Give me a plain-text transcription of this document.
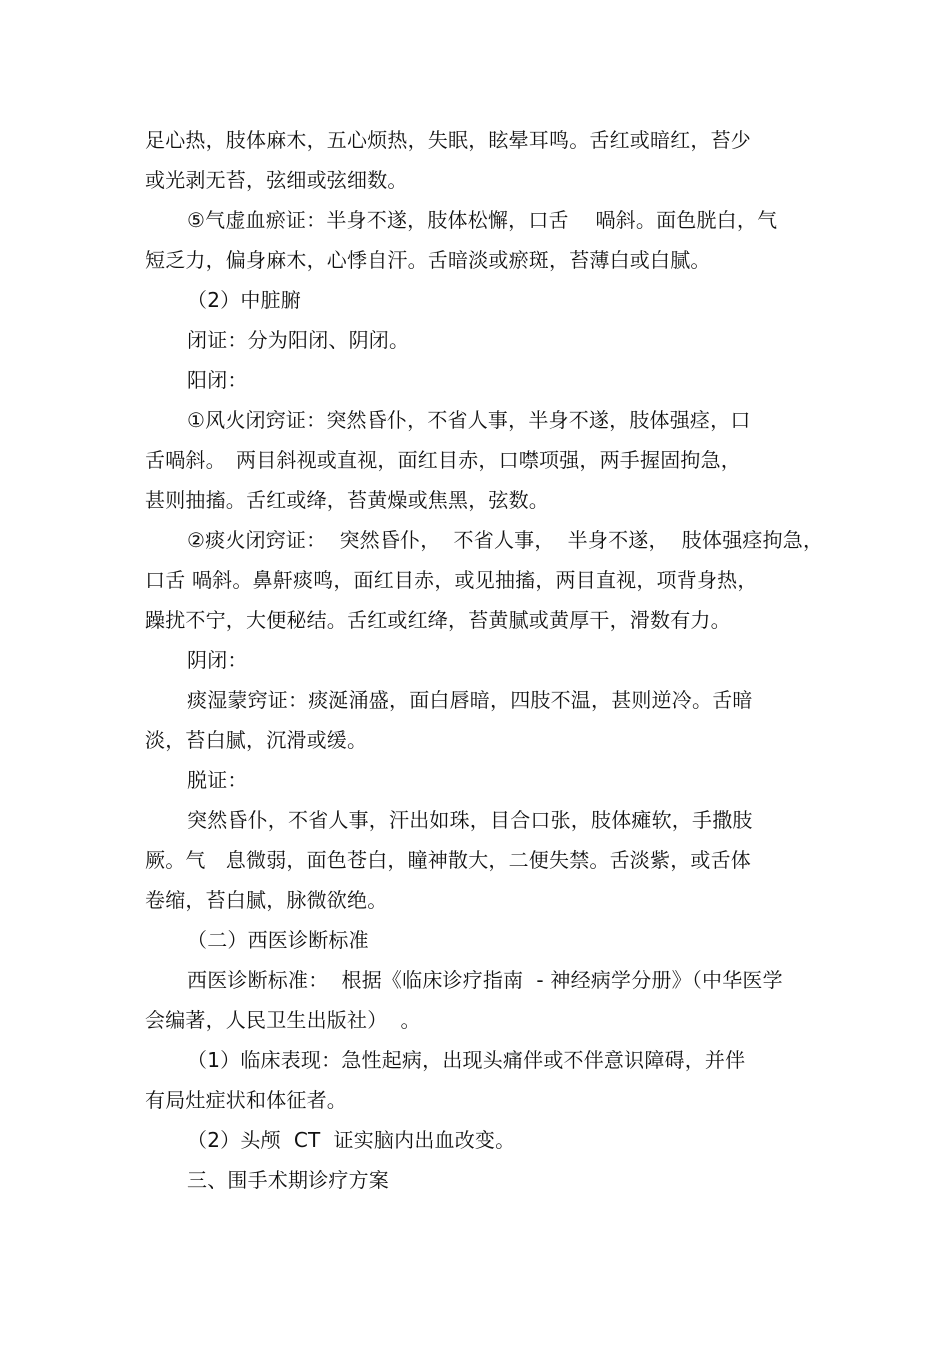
足心热，肢体麻木，五心烦热，失眠，眩晕耳鸣。舌红或暗红，苔少
或光剥无苔，弦细或弦细数。
⑤气虚血瘀证：半身不遂，肢体松懈，口舌　 喎斜。面色胱白，气
短乏力，偏身麻木，心悸自汗。舌暗淡或瘀斑，苔薄白或白腻。
（2）中脏腑
闭证：分为阳闭、阴闭。
阳闭：
①风火闭窍证：突然昏仆，不省人事，半身不遂，肢体强痉，口
舌喎斜。　两目斜视或直视，面红目赤，口噤项强，两手握固拘急，
甚则抽搐。舌红或绛，苔黄燥或焦黑，弦数。
②痰火闭窍证：  突然昏仆，  不省人事，  半身不遂，  肢体强痉拘急，
口舌 喎斜。鼻鼾痰鸣，面红目赤，或见抽搐，两目直视，项背身热，
躁扰不宁，大便秘结。舌红或红绛，苔黄腻或黄厚干，滑数有力。
阴闭：
痰湿蒙窍证：痰涎涌盛，面白唇暗，四肢不温，甚则逆冷。舌暗
淡，苔白腻，沉滑或缓。
脱证：
突然昏仆，不省人事，汗出如珠，目合口张，肢体瘫软，手撒肢
厥。气　息微弱，面色苍白，瞳神散大，二便失禁。舌淡紫，或舌体
卷缩，苔白腻，脉微欲绝。
（二）西医诊断标准
西医诊断标准：  根据《临床诊疗指南  - 神经病学分册》（中华医学
会编著，人民卫生出版社）  。
（1）临床表现：急性起病，出现头痛伴或不伴意识障碍，并伴
有局灶症状和体征者。
（2）头颅  CT  证实脑内出血改变。
三、围手术期诊疗方案
